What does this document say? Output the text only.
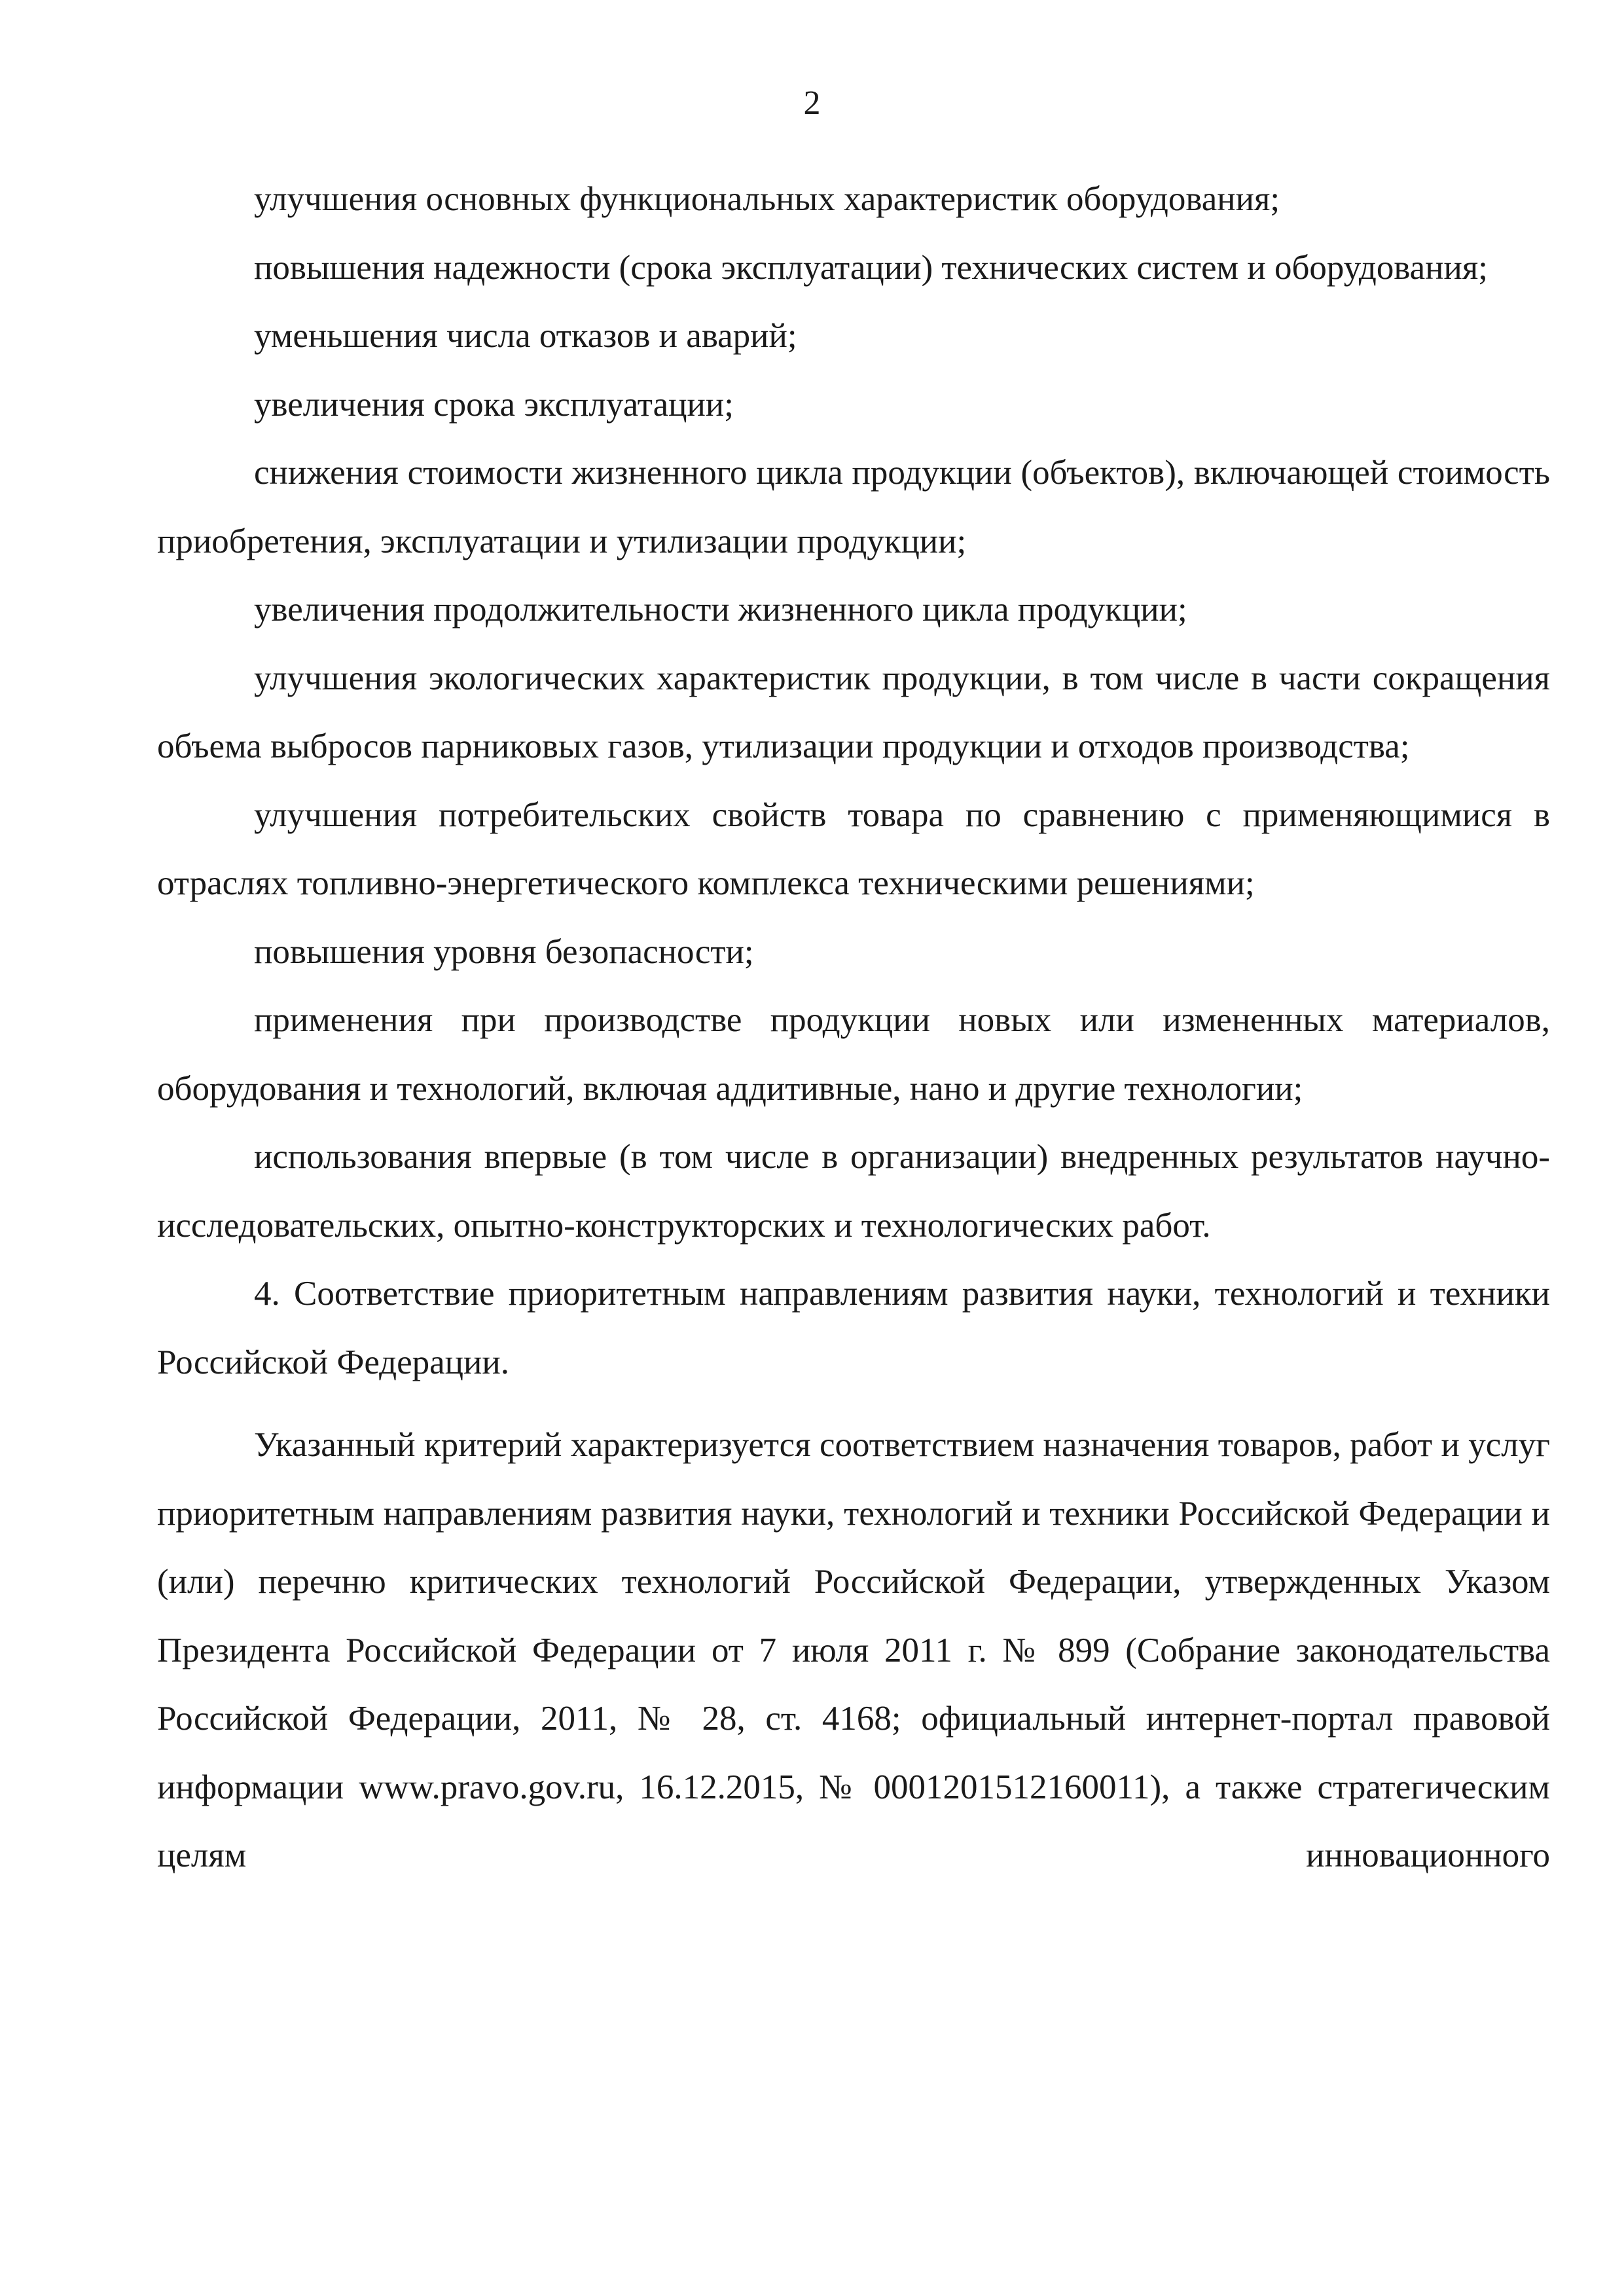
2

улучшения основных функциональных характеристик оборудования;

повышения надежности (срока эксплуатации) технических систем и оборудования;

уменьшения числа отказов и аварий;

увеличения срока эксплуатации;

снижения стоимости жизненного цикла продукции (объектов), включающей стоимость приобретения, эксплуатации и утилизации продукции;

увеличения продолжительности жизненного цикла продукции;

улучшения экологических характеристик продукции, в том числе в части сокращения объема выбросов парниковых газов, утилизации продукции и отходов производства;

улучшения потребительских свойств товара по сравнению с применяющимися в отраслях топливно-энергетического комплекса техническими решениями;

повышения уровня безопасности;

применения при производстве продукции новых или измененных материалов, оборудования и технологий, включая аддитивные, нано и другие технологии;

использования впервые (в том числе в организации) внедренных результатов научно-исследовательских, опытно-конструкторских и технологических работ.

4. Соответствие приоритетным направлениям развития науки, технологий и техники Российской Федерации.

Указанный критерий характеризуется соответствием назначения товаров, работ и услуг приоритетным направлениям развития науки, технологий и техники Российской Федерации и (или) перечню критических технологий Российской Федерации, утвержденных Указом Президента Российской Федерации от 7 июля 2011 г. № 899 (Собрание законодательства Российской Федерации, 2011, № 28, ст. 4168; официальный интернет-портал правовой информации www.pravo.gov.ru, 16.12.2015, № 0001201512160011), а также стратегическим целям инновационного
